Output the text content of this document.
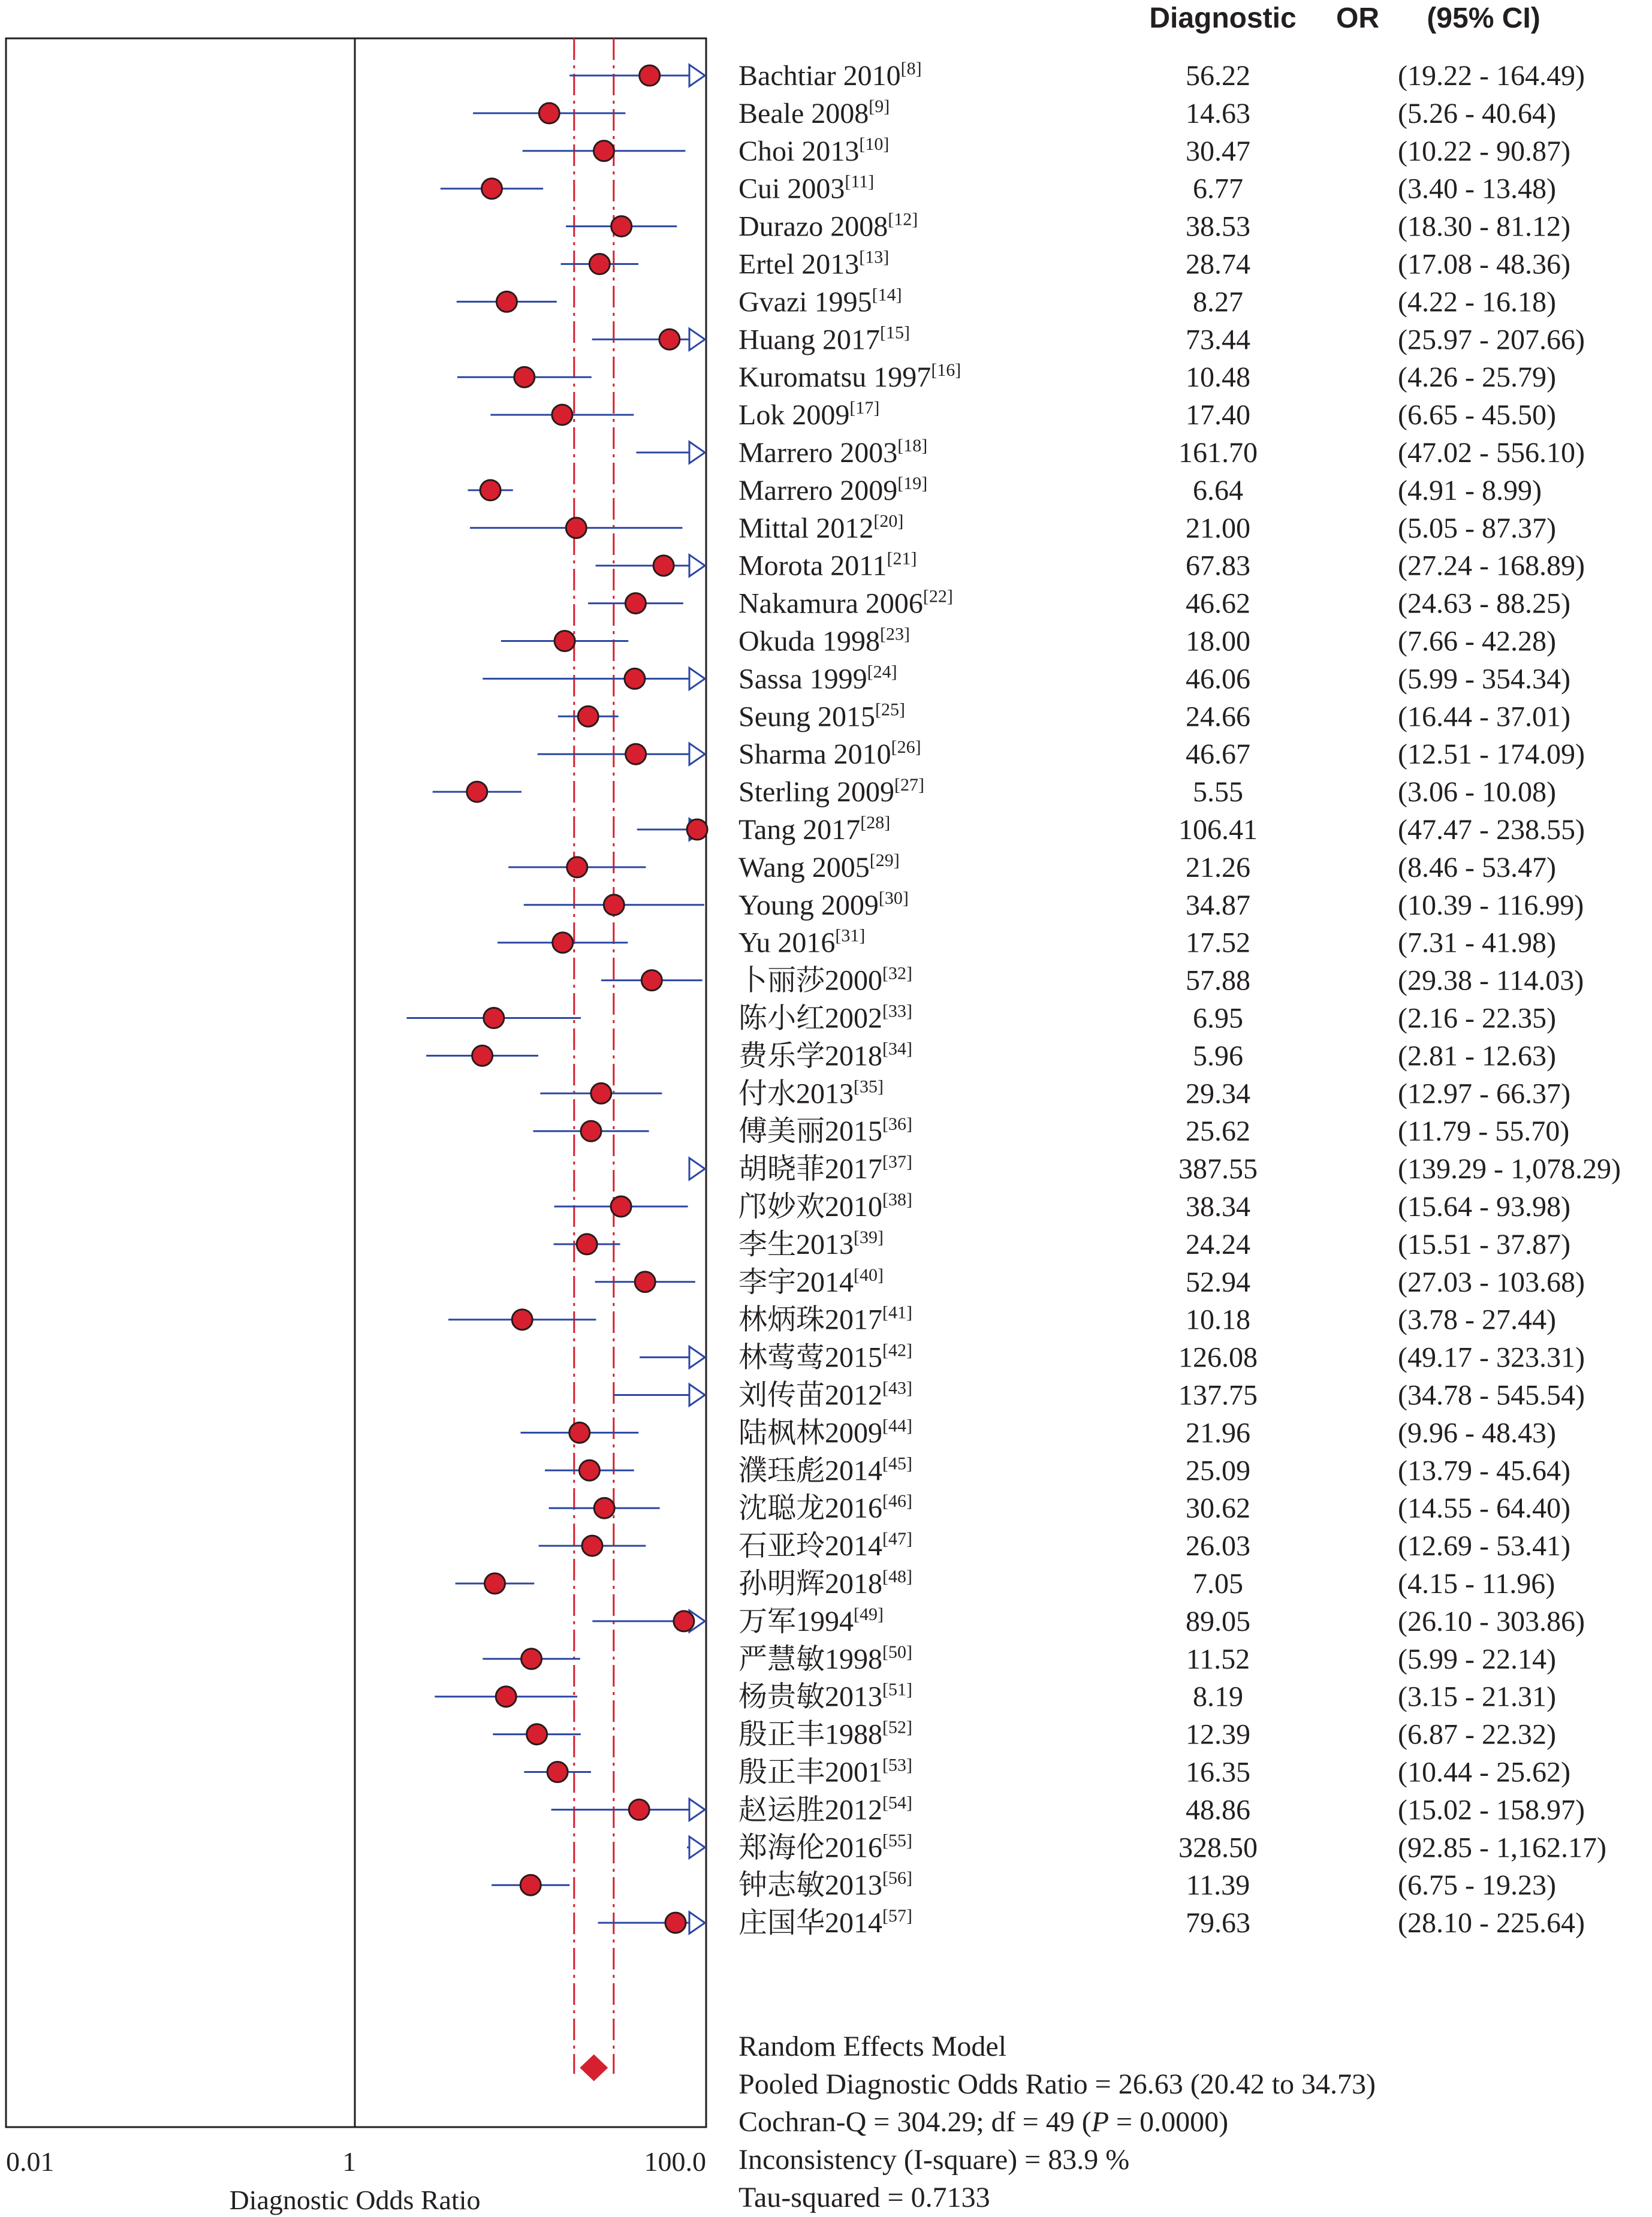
0.01	1	100.0
Diagnostic Odds Ratio
Diagnostic OR (95% CI)
Bachtiar 2010[8]	56.22	(19.22 - 164.49)
Beale 2008[9]	14.63	(5.26 - 40.64)
Choi 2013[10]	30.47	(10.22 - 90.87)
Cui 2003[11]	6.77	(3.40 - 13.48)
Durazo 2008[12]	38.53	(18.30 - 81.12)
Ertel 2013[13]	28.74	(17.08 - 48.36)
Gvazi 1995[14]	8.27	(4.22 - 16.18)
Huang 2017[15]	73.44	(25.97 - 207.66)
Kuromatsu 1997[16]	10.48	(4.26 - 25.79)
Lok 2009[17]	17.40	(6.65 - 45.50)
Marrero 2003[18]	161.70	(47.02 - 556.10)
Marrero 2009[19]	6.64	(4.91 - 8.99)
Mittal 2012[20]	21.00	(5.05 - 87.37)
Morota 2011[21]	67.83	(27.24 - 168.89)
Nakamura 2006[22]	46.62	(24.63 - 88.25)
Okuda 1998[23]	18.00	(7.66 - 42.28)
Sassa 1999[24]	46.06	(5.99 - 354.34)
Seung 2015[25]	24.66	(16.44 - 37.01)
Sharma 2010[26]	46.67	(12.51 - 174.09)
Sterling 2009[27]	5.55	(3.06 - 10.08)
Tang 2017[28]	106.41	(47.47 - 238.55)
Wang 2005[29]	21.26	(8.46 - 53.47)
Young 2009[30]	34.87	(10.39 - 116.99)
Yu 2016[31]	17.52	(7.31 - 41.98)
卜丽莎2000[32]	57.88	(29.38 - 114.03)
陈小红2002[33]	6.95	(2.16 - 22.35)
费乐学2018[34]	5.96	(2.81 - 12.63)
付水2013[35]	29.34	(12.97 - 66.37)
傅美丽2015[36]	25.62	(11.79 - 55.70)
胡晓菲2017[37]	387.55	(139.29 - 1,078.29)
邝妙欢2010[38]	38.34	(15.64 - 93.98)
李生2013[39]	24.24	(15.51 - 37.87)
李宇2014[40]	52.94	(27.03 - 103.68)
林炳珠2017[41]	10.18	(3.78 - 27.44)
林莺莺2015[42]	126.08	(49.17 - 323.31)
刘传苗2012[43]	137.75	(34.78 - 545.54)
陆枫林2009[44]	21.96	(9.96 - 48.43)
濮珏彪2014[45]	25.09	(13.79 - 45.64)
沈聪龙2016[46]	30.62	(14.55 - 64.40)
石亚玲2014[47]	26.03	(12.69 - 53.41)
孙明辉2018[48]	7.05	(4.15 - 11.96)
万军1994[49]	89.05	(26.10 - 303.86)
严慧敏1998[50]	11.52	(5.99 - 22.14)
杨贵敏2013[51]	8.19	(3.15 - 21.31)
殷正丰1988[52]	12.39	(6.87 - 22.32)
殷正丰2001[53]	16.35	(10.44 - 25.62)
赵运胜2012[54]	48.86	(15.02 - 158.97)
郑海伦2016[55]	328.50	(92.85 - 1,162.17)
钟志敏2013[56]	11.39	(6.75 - 19.23)
庄国华2014[57]	79.63	(28.10 - 225.64)
Random Effects Model
Pooled Diagnostic Odds Ratio = 26.63 (20.42 to 34.73)
Cochran-Q = 304.29; df = 49 (P = 0.0000)
Inconsistency (I-square) = 83.9 %
Tau-squared = 0.7133
